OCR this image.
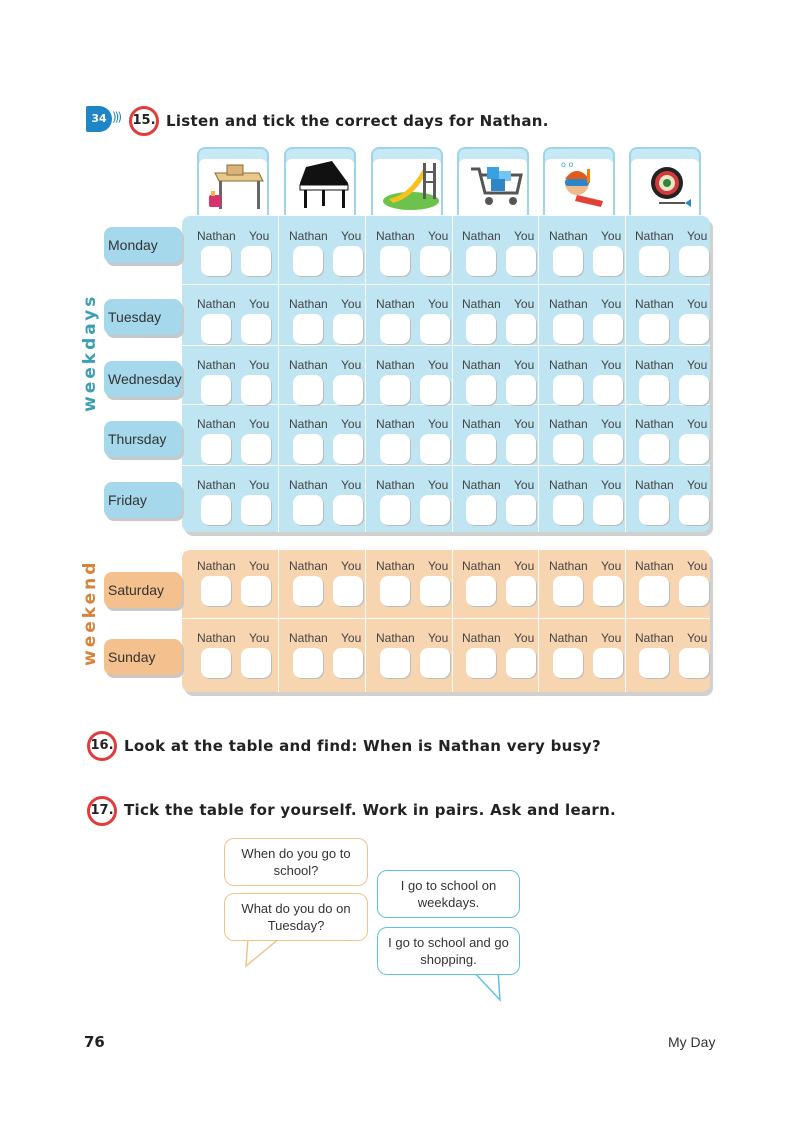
34 ))) 15. Listen and tick the correct days for Nathan.
o o
weekdays
weekend
Monday
Tuesday
Wednesday
Thursday
Friday
Saturday
Sunday
Nathan You Nathan You Nathan You Nathan You Nathan You Nathan You
Nathan You Nathan You Nathan You Nathan You Nathan You Nathan You
Nathan You Nathan You Nathan You Nathan You Nathan You Nathan You
Nathan You Nathan You Nathan You Nathan You Nathan You Nathan You
Nathan You Nathan You Nathan You Nathan You Nathan You Nathan You
Nathan You Nathan You Nathan You Nathan You Nathan You Nathan You
Nathan You Nathan You Nathan You Nathan You Nathan You Nathan You
16. Look at the table and find: When is Nathan very busy?
17. Tick the table for yourself. Work in pairs. Ask and learn.
When do you go to school?
What do you do on Tuesday?
I go to school on weekdays.
I go to school and go shopping.
76	My Day
